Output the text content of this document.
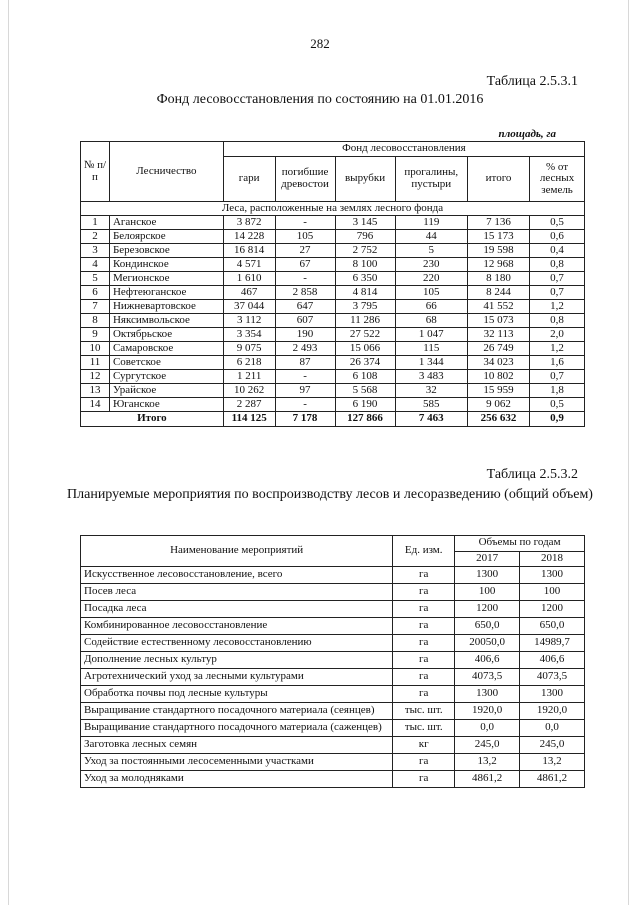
282
Таблица 2.5.3.1
Фонд лесовосстановления по состоянию на 01.01.2016
площадь, га
№ п/п	Лесничество	Фонд лесовосстановления					
		гари	погибшие древостои	вырубки	прогалины, пустыри	итого	% от лесных земель
Леса, расположенные на землях лесного фонда							
1	Аганское	3 872	-	3 145	119	7 136	0,5
2	Белоярское	14 228	105	796	44	15 173	0,6
3	Березовское	16 814	27	2 752	5	19 598	0,4
4	Кондинское	4 571	67	8 100	230	12 968	0,8
5	Мегионское	1 610	-	6 350	220	8 180	0,7
6	Нефтеюганское	467	2 858	4 814	105	8 244	0,7
7	Нижневартовское	37 044	647	3 795	66	41 552	1,2
8	Няксимвольское	3 112	607	11 286	68	15 073	0,8
9	Октябрьское	3 354	190	27 522	1 047	32 113	2,0
10	Самаровское	9 075	2 493	15 066	115	26 749	1,2
11	Советское	6 218	87	26 374	1 344	34 023	1,6
12	Сургутское	1 211	-	6 108	3 483	10 802	0,7
13	Урайское	10 262	97	5 568	32	15 959	1,8
14	Юганское	2 287	-	6 190	585	9 062	0,5
Итого		114 125	7 178	127 866	7 463	256 632	0,9
Таблица 2.5.3.2
Планируемые мероприятия по воспроизводству лесов и лесоразведению (общий объем)
Наименование мероприятий	Ед. изм.	Объемы по годам	
		2017	2018
Искусственное лесовосстановление, всего	га	1300	1300
Посев леса	га	100	100
Посадка леса	га	1200	1200
Комбинированное лесовосстановление	га	650,0	650,0
Содействие естественному лесовосстановлению	га	20050,0	14989,7
Дополнение лесных культур	га	406,6	406,6
Агротехнический уход за лесными культурами	га	4073,5	4073,5
Обработка почвы под лесные культуры	га	1300	1300
Выращивание стандартного посадочного материала (сеянцев)	тыс. шт.	1920,0	1920,0
Выращивание стандартного посадочного материала (саженцев)	тыс. шт.	0,0	0,0
Заготовка лесных семян	кг	245,0	245,0
Уход за постоянными лесосеменными участками	га	13,2	13,2
Уход за молодняками	га	4861,2	4861,2
